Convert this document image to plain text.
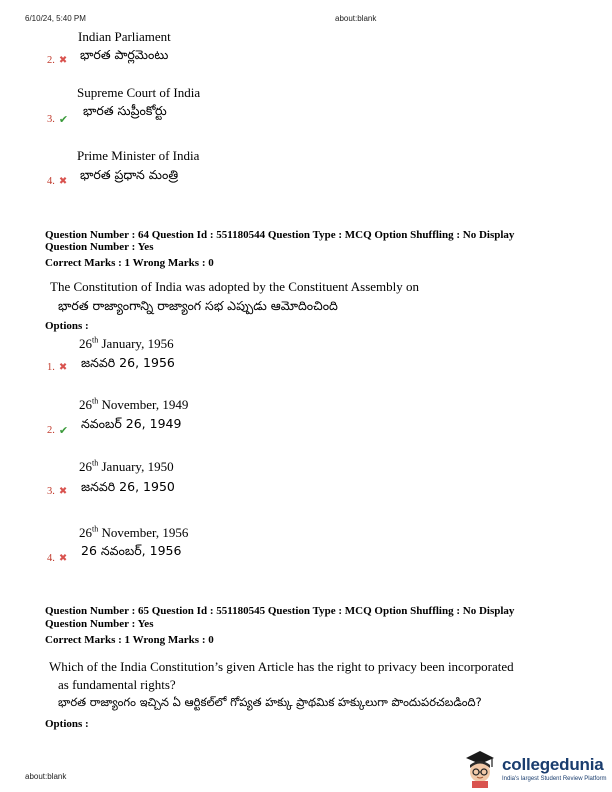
6/10/24, 5:40 PM	about:blank
Indian Parliament
భారత పార్లమెంటు
2. ✖
Supreme Court of India
భారత సుప్రీంకోర్టు
3. ✔
Prime Minister of India
భారత ప్రధాన మంత్రి
4. ✖
Question Number : 64 Question Id : 551180544 Question Type : MCQ Option Shuffling : No Display
Question Number : Yes
Correct Marks : 1 Wrong Marks : 0
The Constitution of India was adopted by the Constituent Assembly on
భారత రాజ్యాంగాన్ని రాజ్యాంగ సభ ఎప్పుడు ఆమోదించింది
Options :
26th January, 1956
జనవరి 26, 1956
1. ✖
26th November, 1949
నవంబర్ 26, 1949
2. ✔
26th January, 1950
జనవరి 26, 1950
3. ✖
26th November, 1956
26 నవంబర్, 1956
4. ✖
Question Number : 65 Question Id : 551180545 Question Type : MCQ Option Shuffling : No Display
Question Number : Yes
Correct Marks : 1 Wrong Marks : 0
Which of the India Constitution’s given Article has the right to privacy been incorporated
as fundamental rights?
భారత రాజ్యాంగం ఇచ్చిన ఏ ఆర్టికల్‌లో గోప్యత హక్కు ప్రాథమిక హక్కులుగా పొందుపరచబడింది?
Options :
about:blank
collegedunia
India's largest Student Review Platform
